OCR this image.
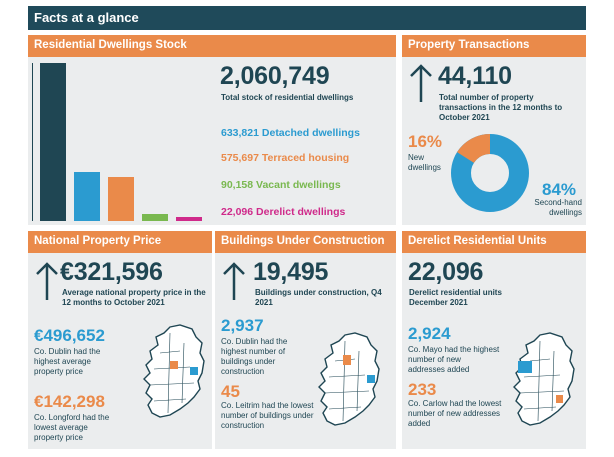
Facts at a glance
Residential Dwellings Stock
2,060,749
Total stock of residential dwellings
633,821 Detached dwellings
575,697 Terraced housing
90,158 Vacant dwellings
22,096 Derelict dwellings
Property Transactions
44,110
Total number of property transactions in the 12 months to October 2021
16%
New dwellings
84%
Second-hand dwellings
National Property Price
€321,596
Average national property price in the 12 months to October 2021
€496,652
Co. Dublin had the highest average property price
€142,298
Co. Longford had the lowest average property price
Buildings Under Construction
19,495
Buildings under construction, Q4 2021
2,937
Co. Dublin had the highest number of buildings under construction
45
Co. Leitrim had the lowest number of buildings under construction
Derelict Residential Units
22,096
Derelict residential units December 2021
2,924
Co. Mayo had the highest number of new addresses added
233
Co. Carlow had the lowest number of new addresses added
